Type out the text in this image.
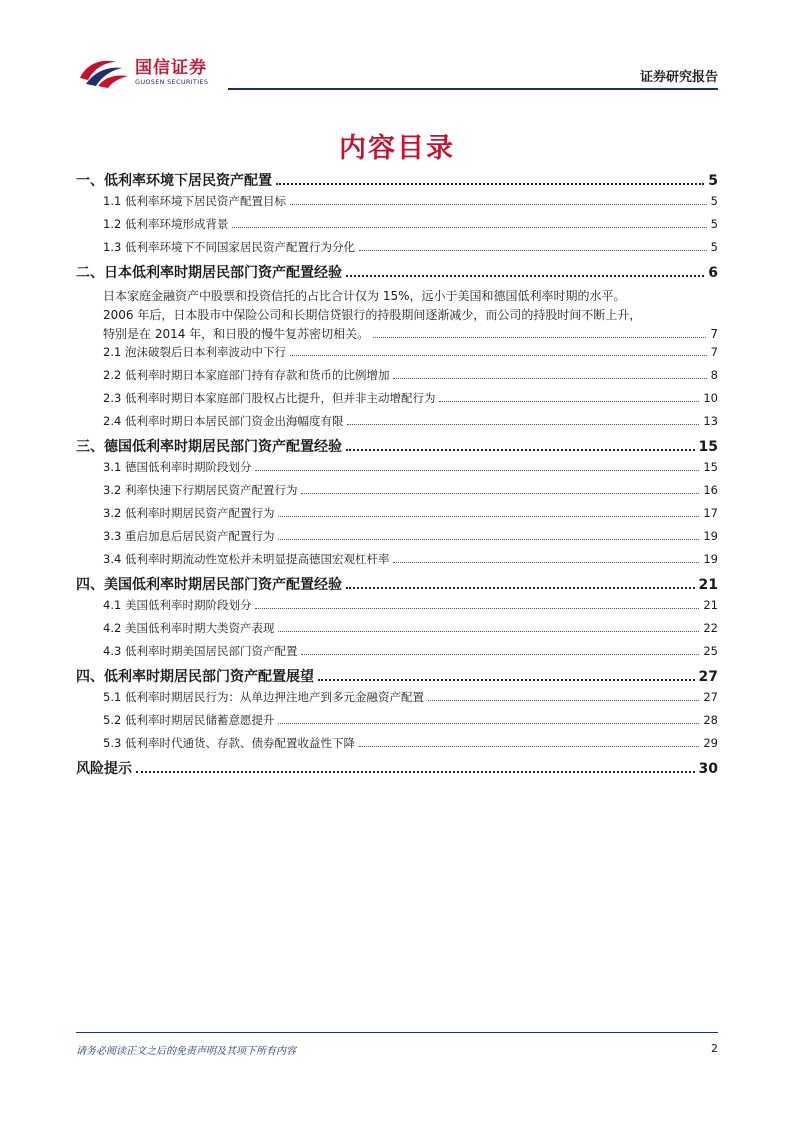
国信证券
GUOSEN SECURITIES	证券研究报告
内容目录
一、低利率环境下居民资产配置	5
1.1 低利率环境下居民资产配置目标	5
1.2 低利率环境形成背景	5
1.3 低利率环境下不同国家居民资产配置行为分化	5
二、日本低利率时期居民部门资产配置经验	6
日本家庭金融资产中股票和投资信托的占比合计仅为 15%，远小于美国和德国低利率时期的水平。
2006 年后，日本股市中保险公司和长期信贷银行的持股期间逐渐减少，而公司的持股时间不断上升，
特别是在 2014 年，和日股的慢牛复苏密切相关。	7
2.1 泡沫破裂后日本利率波动中下行	7
2.2 低利率时期日本家庭部门持有存款和货币的比例增加	8
2.3 低利率时期日本家庭部门股权占比提升，但并非主动增配行为	10
2.4 低利率时期日本居民部门资金出海幅度有限	13
三、德国低利率时期居民部门资产配置经验	15
3.1 德国低利率时期阶段划分	15
3.2 利率快速下行期居民资产配置行为	16
3.2 低利率时期居民资产配置行为	17
3.3 重启加息后居民资产配置行为	19
3.4 低利率时期流动性宽松并未明显提高德国宏观杠杆率	19
四、美国低利率时期居民部门资产配置经验	21
4.1 美国低利率时期阶段划分	21
4.2 美国低利率时期大类资产表现	22
4.3 低利率时期美国居民部门资产配置	25
四、低利率时期居民部门资产配置展望	27
5.1 低利率时期居民行为：从单边押注地产到多元金融资产配置	27
5.2 低利率时期居民储蓄意愿提升	28
5.3 低利率时代通货、存款、债券配置收益性下降	29
风险提示	30
请务必阅读正文之后的免责声明及其项下所有内容	2
